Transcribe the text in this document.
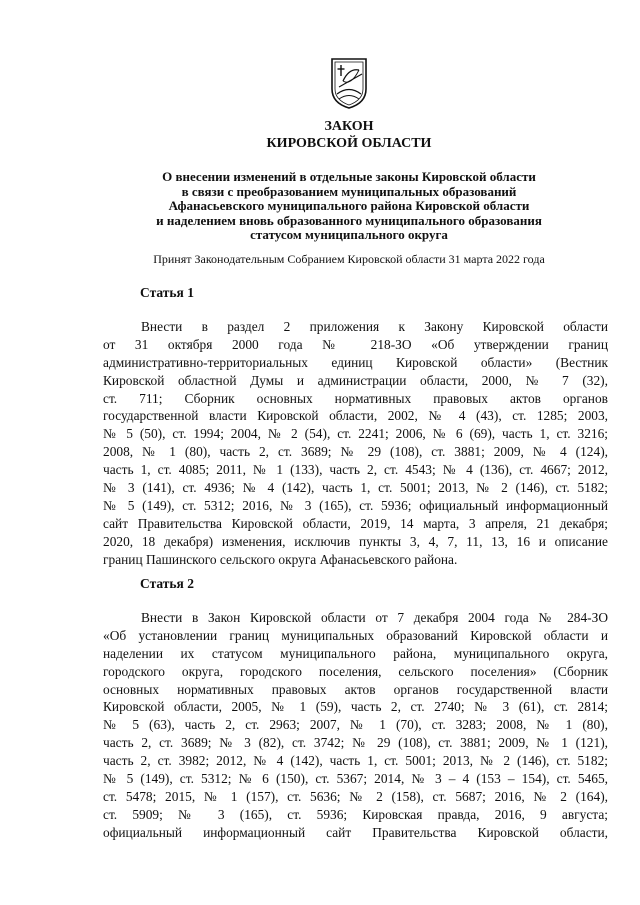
ЗАКОН
КИРОВСКОЙ ОБЛАСТИ
О внесении изменений в отдельные законы Кировской области
в связи с преобразованием муниципальных образований
Афанасьевского муниципального района Кировской области
и наделением вновь образованного муниципального образования
статусом муниципального округа
Принят Законодательным Собранием Кировской области 31 марта 2022 года
Статья 1
Внести в раздел 2 приложения к Закону Кировской области
от 31 октября 2000 года № 218-ЗО «Об утверждении границ
административно-территориальных единиц Кировской области» (Вестник
Кировской областной Думы и администрации области, 2000, № 7 (32),
ст. 711; Сборник основных нормативных правовых актов органов
государственной власти Кировской области, 2002, № 4 (43), ст. 1285; 2003,
№ 5 (50), ст. 1994; 2004, № 2 (54), ст. 2241; 2006, № 6 (69), часть 1, ст. 3216;
2008, № 1 (80), часть 2, ст. 3689; № 29 (108), ст. 3881; 2009, № 4 (124),
часть 1, ст. 4085; 2011, № 1 (133), часть 2, ст. 4543; № 4 (136), ст. 4667; 2012,
№ 3 (141), ст. 4936; № 4 (142), часть 1, ст. 5001; 2013, № 2 (146), ст. 5182;
№ 5 (149), ст. 5312; 2016, № 3 (165), ст. 5936; официальный информационный
сайт Правительства Кировской области, 2019, 14 марта, 3 апреля, 21 декабря;
2020, 18 декабря) изменения, исключив пункты 3, 4, 7, 11, 13, 16 и описание
границ Пашинского сельского округа Афанасьевского района.
Статья 2
Внести в Закон Кировской области от 7 декабря 2004 года № 284-ЗО
«Об установлении границ муниципальных образований Кировской области и
наделении их статусом муниципального района, муниципального округа,
городского округа, городского поселения, сельского поселения» (Сборник
основных нормативных правовых актов органов государственной власти
Кировской области, 2005, № 1 (59), часть 2, ст. 2740; № 3 (61), ст. 2814;
№ 5 (63), часть 2, ст. 2963; 2007, № 1 (70), ст. 3283; 2008, № 1 (80),
часть 2, ст. 3689; № 3 (82), ст. 3742; № 29 (108), ст. 3881; 2009, № 1 (121),
часть 2, ст. 3982; 2012, № 4 (142), часть 1, ст. 5001; 2013, № 2 (146), ст. 5182;
№ 5 (149), ст. 5312; № 6 (150), ст. 5367; 2014, № 3 – 4 (153 – 154), ст. 5465,
ст. 5478; 2015, № 1 (157), ст. 5636; № 2 (158), ст. 5687; 2016, № 2 (164),
ст. 5909; № 3 (165), ст. 5936; Кировская правда, 2016, 9 августа;
официальный информационный сайт Правительства Кировской области,
